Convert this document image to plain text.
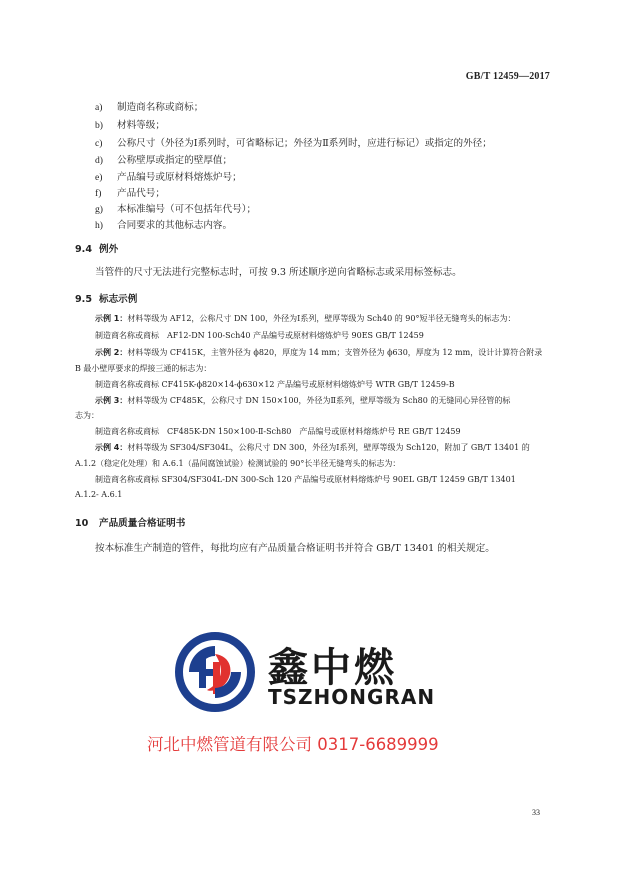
GB/T 12459—2017
a) 制造商名称或商标；
b) 材料等级；
c) 公称尺寸（外径为Ⅰ系列时，可省略标记；外径为Ⅱ系列时，应进行标记）或指定的外径；
d) 公称壁厚或指定的壁厚值；
e) 产品编号或原材料熔炼炉号；
f) 产品代号；
g) 本标准编号（可不包括年代号）；
h) 合同要求的其他标志内容。
9.4 例外
当管件的尺寸无法进行完整标志时，可按 9.3 所述顺序逆向省略标志或采用标签标志。
9.5 标志示例
示例 1：材料等级为 AF12，公称尺寸 DN 100，外径为Ⅰ系列，壁厚等级为 Sch40 的 90°短半径无缝弯头的标志为：
制造商名称或商标　AF12-DN 100-Sch40 产品编号或原材料熔炼炉号 90ES GB/T 12459
示例 2：材料等级为 CF415K，主管外径为 ϕ820，厚度为 14 mm；支管外径为 ϕ630，厚度为 12 mm，设计计算符合附录
B 最小壁厚要求的焊接三通的标志为：
制造商名称或商标 CF415K-ϕ820×14-ϕ630×12 产品编号或原材料熔炼炉号 WTR GB/T 12459-B
示例 3：材料等级为 CF485K，公称尺寸 DN 150×100，外径为Ⅱ系列，壁厚等级为 Sch80 的无缝同心异径管的标
志为：
制造商名称或商标　CF485K-DN 150×100-Ⅱ-Sch80　产品编号或原材料熔炼炉号 RE GB/T 12459
示例 4：材料等级为 SF304/SF304L，公称尺寸 DN 300，外径为Ⅰ系列，壁厚等级为 Sch120，附加了 GB/T 13401 的
A.1.2（稳定化处理）和 A.6.1（晶间腐蚀试验）检测试验的 90°长半径无缝弯头的标志为：
制造商名称或商标 SF304/SF304L-DN 300-Sch 120 产品编号或原材料熔炼炉号 90EL GB/T 12459 GB/T 13401
A.1.2- A.6.1
10 产品质量合格证明书
按本标准生产制造的管件，每批均应有产品质量合格证明书并符合 GB/T 13401 的相关规定。
鑫中燃
TSZHONGRAN
河北中燃管道有限公司 0317-6689999
33
